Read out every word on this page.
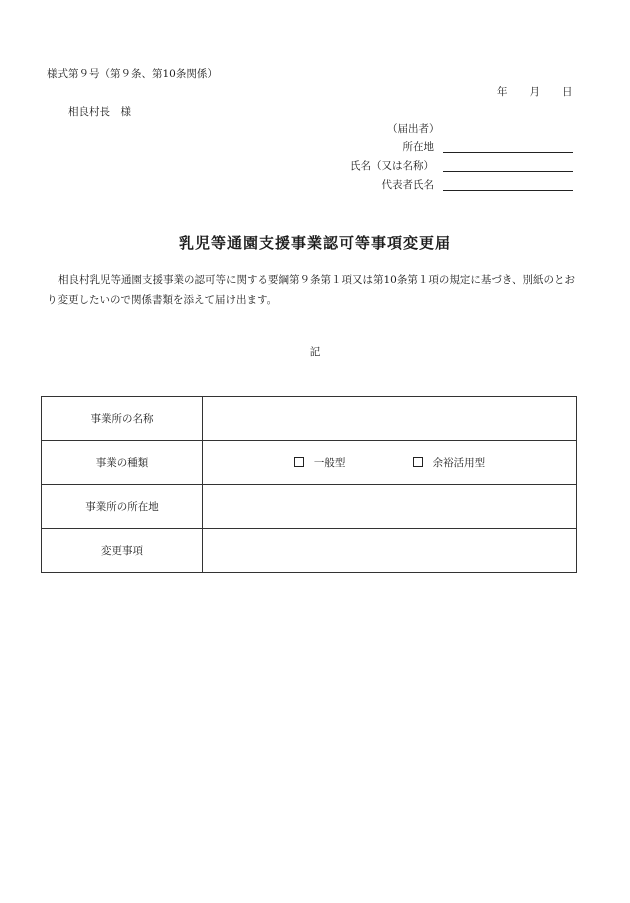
様式第９号（第９条、第10条関係）
年 月 日
相良村長　様
（届出者）
所在地
氏名（又は名称）
代表者氏名
乳児等通園支援事業認可等事項変更届

相良村乳児等通園支援事業の認可等に関する要綱第９条第１項又は第10条第１項の規定に基づき、別紙のとお

り変更したいので関係書類を添えて届け出ます。

記
事業所の名称	
事業の種類	一般型 余裕活用型
事業所の所在地	
変更事項	
